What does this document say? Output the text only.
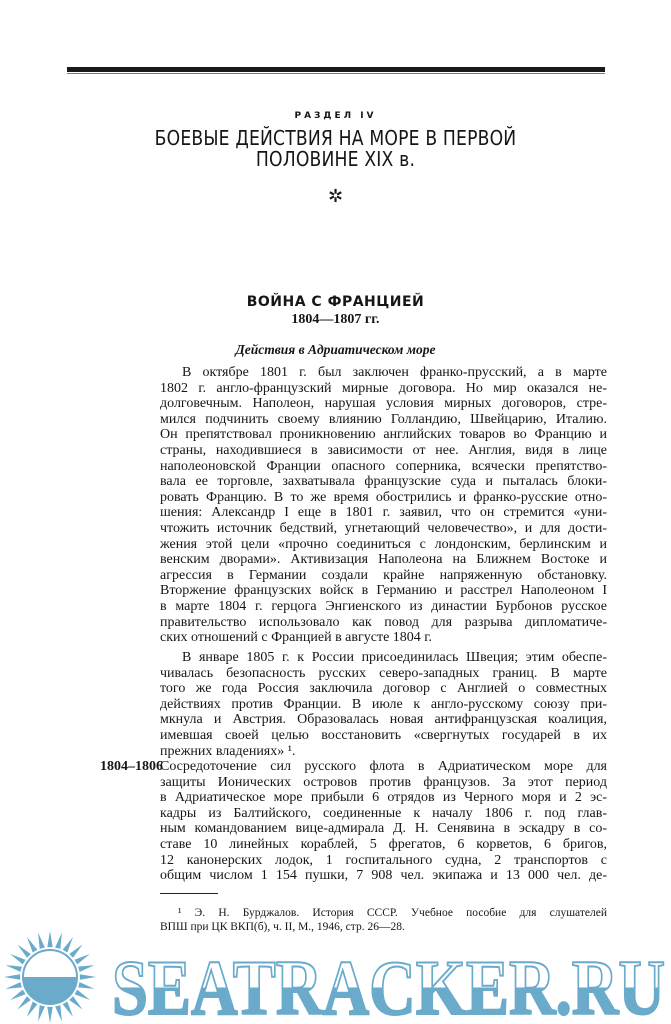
РАЗДЕЛ IV
БОЕВЫЕ ДЕЙСТВИЯ НА МОРЕ В ПЕРВОЙ
ПОЛОВИНЕ XIX в.
✲
ВОЙНА С ФРАНЦИЕЙ
1804—1807 гг.
Действия в Адриатическом море
В октябре 1801 г. был заключен франко-прусский, а в марте
1802 г. англо-французский мирные договора. Но мир оказался не-
долговечным. Наполеон, нарушая условия мирных договоров, стре-
мился подчинить своему влиянию Голландию, Швейцарию, Италию.
Он препятствовал проникновению английских товаров во Францию и
страны, находившиеся в зависимости от нее. Англия, видя в лице
наполеоновской Франции опасного соперника, всячески препятство-
вала ее торговле, захватывала французские суда и пыталась блоки-
ровать Францию. В то же время обострились и франко-русские отно-
шения: Александр I еще в 1801 г. заявил, что он стремится «уни-
чтожить источник бедствий, угнетающий человечество», и для дости-
жения этой цели «прочно соединиться с лондонским, берлинским и
венским дворами». Активизация Наполеона на Ближнем Востоке и
агрессия в Германии создали крайне напряженную обстановку.
Вторжение французских войск в Германию и расстрел Наполеоном I
в марте 1804 г. герцога Энгиенского из династии Бурбонов русское
правительство использовало как повод для разрыва дипломатиче-
ских отношений с Францией в августе 1804 г.
В январе 1805 г. к России присоединилась Швеция; этим обеспе-
чивалась безопасность русских северо-западных границ. В марте
того же года Россия заключила договор с Англией о совместных
действиях против Франции. В июле к англо-русскому союзу при-
мкнула и Австрия. Образовалась новая антифранцузская коалиция,
имевшая своей целью восстановить «свергнутых государей в их
прежних владениях» ¹.
1804–1806
Сосредоточение сил русского флота в Адриатическом море для
защиты Ионических островов против французов. За этот период
в Адриатическое море прибыли 6 отрядов из Черного моря и 2 эс-
кадры из Балтийского, соединенные к началу 1806 г. под глав-
ным командованием вице-адмирала Д. Н. Сенявина в эскадру в со-
ставе 10 линейных кораблей, 5 фрегатов, 6 корветов, 6 бригов,
12 канонерских лодок, 1 госпитального судна, 2 транспортов с
общим числом 1 154 пушки, 7 908 чел. экипажа и 13 000 чел. де-
¹ Э. Н. Бурджалов. История СССР. Учебное пособие для слушателей
ВПШ при ЦК ВКП(б), ч. II, М., 1946, стр. 26—28.
SEATRACKER.RU
